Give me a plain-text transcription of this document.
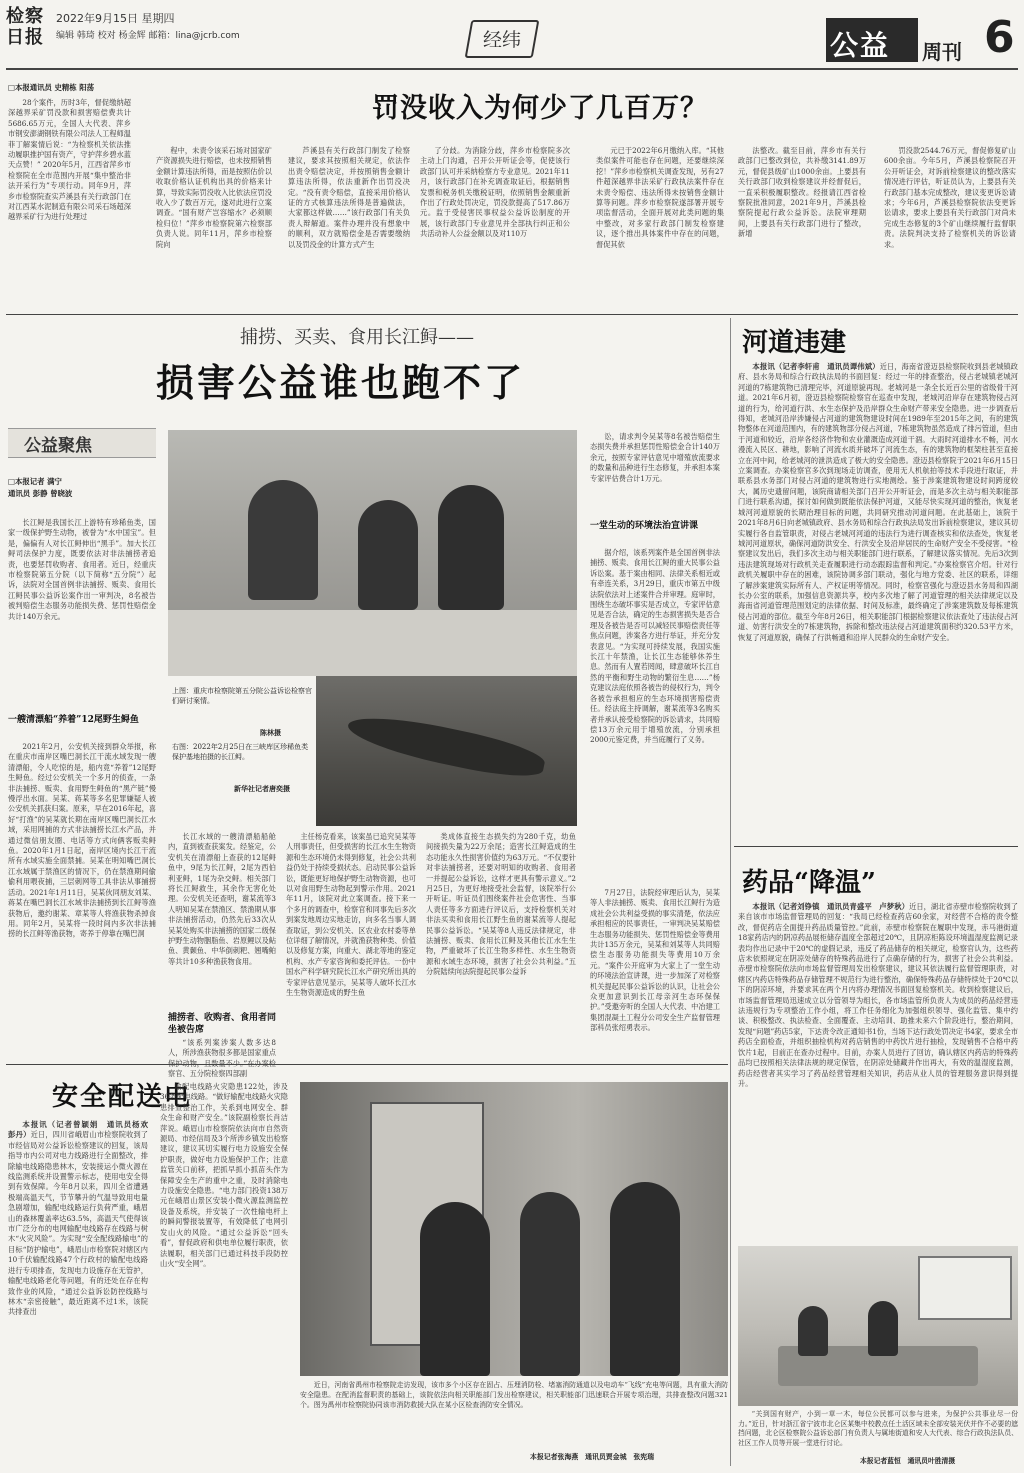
检察日报
2022年9月15日 星期四
编辑 韩琦 校对 杨金辉 邮箱：lina@jcrb.com	经纬	公益 周刊 6
罚没收入为何少了几百万？
□本报通讯员 史精栋 阳荡

28个案件，历时3年，督促缴纳超深越界采矿罚没款和损害赔偿费共计5686.65万元，全国人大代表、萍乡市钢安澎湖钢铁有限公司法人工程师温菲丁解案情后说：“为检察机关依法推动履职推护国有资产，守护萍乡碧水蓝天点赞！” 2020年5月，江西省萍乡市检察院在全市范围内开展“集中整治非法开采行为”专项行动。同年9月，萍乡市检察院查实芦溪县有关行政部门在对江西某水泥制造有限公司采石场超深越界采矿行为进行处理过

程中，未责令该采石场对国家矿产资源损失进行赔偿，也未按照销售金额计算违法所得，而是按照估价以收取价格认证机构出具的价格来计算，导致实际罚没收入比依法应罚没收入少了数百万元，遂对此进行立案调查。“国有财产岂容缩水？必须顺检归位！”萍乡市检察院第六检察部负责人说。同年11月，萍乡市检察院向

芦溪县有关行政部门制发了检察建议，要求其按照相关规定，依法作出责令赔偿决定，并按照销售金额计算违法所得，依法重新作出罚没决定。“没有责令赔偿，直接采用价格认证的方式核算违法所得是普遍做法，大家都这样做……”该行政部门有关负责人辩解道。案件办理并没有想象中的顺利，双方就赔偿金是否需要缴纳以及罚没金的计算方式产生

了分歧。为消除分歧，萍乡市检察院多次主动上门沟通，召开公开听证会等，促使该行政部门认可并采纳检察方专业意见。2021年11月，该行政部门在补充调查取证后，根据销售发票和税务机关缴税证明，依照销售金额重新作出了行政处罚决定，罚没款提高了517.86万元。监于受侵害民事权益公益诉讼制度的开展，该行政部门专业意见并全部执行纠正和公共活动补人公益金额以及对110万

元已于2022年6月缴纳入库。“其他类似案件可能也存在问题，还要继续深挖！”萍乡市检察机关调查发现，另有27件超深越界非法采矿行政执法案件存在未责令赔偿、违法所得未按销售金额计算等问题。萍乡市检察院遂部署开展专项监督活动，全面开展对此类问题的集中整改，对多家行政部门制发检察建议，逐个推出具体案件中存在的问题，督促其依

法整改。截至目前，萍乡市有关行政部门已整改到位，共补缴3141.89万元，督促县级矿山1000余亩。上要县有关行政部门收到检察建议并经督促后，一直采积极履职整改。经报请江西省检察院批准同意，2021年9月，芦溪县检察院提起行政公益诉讼。法院审理期间，上要县有关行政部门进行了整改，新增

罚没款2544.76万元，督促修复矿山600余亩。今年5月，芦溪县检察院召开公开听证会，对诉前检察建议的整改落实情况进行评估，听证员认为，上要县有关行政部门基本完成整改，建议变更诉讼请求；今年6月，芦溪县检察院依法变更诉讼请求，要求上要县有关行政部门对尚未完成生态修复的3个矿山继续履行监督职责。法院判决支持了检察机关的诉讼请求。

捕捞、买卖、食用长江鲟——
损害公益谁也跑不了
公益聚焦
□本报记者 满宁
通讯员 彭静 曾晓波

长江鲟是我国长江上游特有珍稀鱼类，国家一级保护野生动物，被誉为“水中国宝”。但是，偏偏有人对长江鲟伸出“黑手”。加大长江鲟司法保护力度，既要依法对非法捕捞者追责，也要惩罚收购者、食用者。近日，经重庆市检察院第五分院（以下简称“五分院”）起诉，法院对全国首例非法捕捞、贩卖、食用长江鲟民事公益诉讼案作出一审判决，8名被告被判赔偿生态服务功能损失费、惩罚性赔偿金共计140万余元。

一艘清漂船“养着”12尾野生鲟鱼

2021年2月，公安机关接到群众举报，称在重庆市南岸区嘴巴洞长江干流水域发现一艘清漂船，令人吃惊的是，船内竟“养着”12尾野生鲟鱼。经过公安机关一个多月的侦查，一条非法捕捞、贩卖、食用野生鲟鱼的“黑产链”慢慢浮出水面。吴某、蒋某等多名犯罪嫌疑人被公安机关抓获归案。原来，早在2016年起，喜好“打渔”的吴某就长期在南岸区嘴巴洞长江水域，采用网捕的方式非法捕捞长江水产品，并通过微信朋友圈、电话等方式向俩客贩卖鲟鱼。2020年1月1日起，南岸区境内长江干流所有水域实施全面禁捕。吴某在明知嘴巴洞长江水域属于禁渔区的情况下，仍在禁渔期间偷偷利用喂夜捕，三层刺网等工具非法从事捕捞活动。2021年1月11日，吴某伙同朋友刘某、蒋某在嘴巴洞长江水域非法捕捞到长江鲟等渔获物后，邀约谢某、章某等人将渔获物杀掉食用。同年2月，吴某将一段时间内多次非法捕捞的长江鲟等渔获物，寄养于停靠在嘴巴洞

上图：重庆市检察院第五分院公益诉讼检察官们研讨案情。
陈林摄
右图：2022年2月25日在三峡库区珍稀鱼类保护基地拍摄的长江鲟。
新华社记者唐奕摄

长江水域的一艘清漂船船舱内，直到被查获案发。经鉴定，公安机关在清漂船上查获的12尾鲟鱼中，9尾为长江鲟，2尾为西伯利亚鲟，1尾为杂交鲟。相关部门将长江鲟救生，其余作无害化处理。公安机关还查明，谢某流等3人明知吴某在禁渔区、禁渔期从事非法捕捞活动，仍然先后33次从吴某处购买非法捕捞的国家二级保护野生动物胭脂鱼、岩原鲤以及鲇鱼、黄颡鱼、中华倒刺粑、翘嘴鲌等共计10多种渔获物食用。

捕捞者、收购者、食用者同坐被告席

“该系列案涉案人数多达8人，所涉渔获物很多都是国家重点 察官、五分院检察四部副

主任杨克看来，该案虽已追究吴某等人刑事责任，但受损害的长江水生生物资源和生态环境仍未得到修复，社会公共利益仍处于持续受损状态。启动民事公益诉讼，既能更好地保护野生动物资源，也可以对食用野生动物起到警示作用。2021年11月，该院对此立案调查。接下来一个多月的调查中，检察官和同事先后多次到案发地周边实地走访，向多名当事人调查取证，到公安机关、区农业农村委等单位详细了解情况，并就渔获物种类、价值以及修复方案，向重大、湖北等地的鉴定机构、水产专家咨询和委托评估。一份中国水产科学研究院长江水产研究所出具的专家评估意见显示，吴某等人破坏长江水生生物资源造成的野生鱼

类成体直接生态损失约为280千克，幼鱼间接损失量为22万余尾；造害长江鲟造成的生态功能永久性损害价值约为63万元。“不仅要针对非法捕捞者，还要对明知的收购者、食用者一并提起公益诉讼，这样才更具有警示意义。”2月25日，为更好地接受社会监督，该院举行公开听证。听证员们围绕案件社会危害性、当事人责任等多方面进行评议后，支持检察机关对非法买卖和食用长江野生鱼的谢某流等人提起民事公益诉讼。“吴某等8人违反法律规定，非法捕捞、贩卖、食用长江鲟及其他长江水生生物，严重破坏了长江生物多样性、水生生物资源和水域生态环境，损害了社会公共利益。”五分院陆续向法院提起民事公益诉

讼，请求判令吴某等8名被告赔偿生态损失费并承担惩罚性赔偿金合计140万余元，按照专家评估意见中增殖放流要求的数量和品种进行生态修复，并承担本案专家评估费合计1万元。

一堂生动的环境法治宣讲课

据介绍，该系列案件是全国首例非法捕捞、贩卖、食用长江鲟的重大民事公益诉讼案。基于案由相同、法律关系相近或有牵连关系，3月29日，重庆市第五中级法院依法对上述案件合并审理。庭审时，围绕生态破坏事实是否成立，专家评估意见是否合法，确定的生态损害损失是否合理及各被告是否可以减轻民事赔偿责任等焦点问题，涉案各方进行举证，并充分发表意见。“为实现可持续发展，我国实施长江十年禁渔，让长江生态能够休养生息。然而有人置若罔闻，肆意破坏长江自然的平衡和野生动物的繁衍生息……”杨克建议法庭依照各被告的侵权行为，判令各被告承担相应的生态环境损害赔偿责任。经法庭主持调解，谢某流等3名购买者并承认接受检察院的诉讼请求，共同赔偿13万余元用于增殖放流，分别承担2000元鉴定费，并当庭履行了义务。

7月27日，法院经审理后认为，吴某等人非法捕捞、贩卖、食用长江鲟行为造成社会公共利益受损的事实清楚，依法应承担相应的民事责任，一审判决吴某赔偿生态服务功能损失、惩罚性赔偿金等费用共计135万余元，吴某和刘某等人共同赔偿生态服务功能损失等费用10万余元。“案件公开庭审为大家上了一堂生动的环境法治宣讲课，进一步加深了对检察机关提起民事公益诉讼的认识，让社会公众更加意识到长江母亲河生态环保保护。”受邀旁听的全国人大代表、中冶建工集团混凝土工程分公司安全生产监督管理部科员张绍勇表示。

河道违建

本报讯（记者李轩甫　通讯员谭伟斌）近日，海南省澄迈县检察院收到县老城镇政府、县水务局和综合行政执法局的书面回复：经过一年的排查整治，侵占老城镇老城河河道的7栋建筑物已清理完毕，河道原貌再现。老城河是一条全长近百公里的省级骨干河道。2021年6月初，澄迈县检察院检察官在巡查中发现，老城河沿岸存在建筑物侵占河道的行为，给河道行洪、水生态保护及沿岸群众生命财产带来安全隐患。进一步调查后得知，老城河沿岸涉嫌侵占河道的建筑物建设时间在1989年至2015年之间，有的建筑物整体在河道范围内，有的建筑物部分侵占河道，7栋建筑物虽然造成了排污管道，但由于河道和较近，沿岸各经济作物和农业灌溉造成河道干涸。大雨时河道排水不畅，河水漫流入民区、耕地，影响了河流水质并破坏了河流生态，有的建筑物的框架柱甚至直接立在河中间，给老城河的泄洪造成了极大的安全隐患。澄迈县检察院于2021年6月15日立案调查。办案检察官多次到现场走访调查，使用无人机航拍等技术手段进行取证，并联系县水务部门对侵占河道的建筑物进行实地测绘。鉴于涉案建筑物建设时间跨度较大，属历史遗留问题，该院商请相关部门召开公开听证会，而是多次主动与相关职能部门进行联系沟通，探讨如何做到既能依法保护河道，又能尽快实现河道的整治，恢复老城河河道原貌的长期治理目标的问题，共同研究推动河道问题。在此基础上，该院于2021年8月6日向老城镇政府、县水务局和综合行政执法局发出诉前检察建议，建议其切实履行各自监管职责，对侵占老城河河道的违法行为进行调查核实和依法查处，恢复老城河河道原状，确保河道防洪安全、行洪安全及沿岸居民的生命财产安全不受侵害。“检察建议发出后，我们多次主动与相关职能部门进行联系，了解建议落实情况。先后3次到违法建筑现场对行政机关走查履职进行动态跟踪监督和判定。”办案检察官介绍。针对行政机关履职中存在的困难，该院协调多部门联动，强化与地方党委、社区的联系，详细了解涉案建筑实际所有人、产权证明等情况。同时，检察官强化与澄迈县水务局和四湖长办公室的联系，加强信息资源共享，校内多次地了解了河道管理的相关法律规定以及海南省河道管理范围划定的法律依据、时间及标准，最终确定了涉案建筑数及每栋建筑侵占河道的部位。截至今年8月26日，相关职能部门根据检察建议依法查处了违法侵占河道、妨害行洪安全的7栋建筑物，拆除和整改违法侵占河道建筑面积约320.53平方米，恢复了河道原貌，确保了行洪畅通和沿岸人民群众的生命财产安全。

药品“降温”

本报讯（记者刘铮镇　通讯员青盛平　卢梦秋）近日，湖北省赤壁市检察院收到了来自该市市场监督管理局的回复：“我局已经检查药店60余家，对经营不合格的责令整改，督促药店全面提升药品质量管控。”此前，赤壁市检察院在履职中发现，赤马港街道18家药店内的阴凉药品展柜储存温度全部超过20℃，且阴凉柜陈设环境温湿度监测记录表均作出记录中于20℃的虚假记录，违反了药品储存的相关规定，检察官认为，这些药店未依照规定在阴凉处储存的特殊药品进行了点确存储的行为，损害了社会公共利益。赤壁市检察院依法向市场监督管理局发出检察建议，建议其依法履行监督管理职责，对辖区内药店特殊药品存储管理不规范行为进行整治，确保特殊药品存储特续处于20℃以下的阴凉环境，并要求其在两个月内将办理情况书面回复检察机关。收到检察建议后，市场监督管理局迅速成立以分管领导为组长，各市场监管所负责人为成员的药品经营违法违规行为专项整治工作小组，将工作任务细化为加强组织领导、强化监管、集中约谈、积极整改、执法检查、全面覆查、主动培训、助推未来六个阶段进行，整治期间，发现“问题”药店5家，下达责令改正通知书1份，当场下达行政处罚决定书4家，要求全市药店全面检查，并组织抽检机构对药店销售的中药饮片进行抽检，发现销售不合格中药饮片1起，目前正在查办过程中。目前，办案人员进行了回访，确认辖区内药店的特殊药品均已按照相关法律法规的规定保管，在阴凉处储藏并作出再大，有效的温湿度监测，药店经营者其实学习了药品经营管理相关知识，药店从业人员的管理服务意识得到提升。

“关到国有财产，小到一草一木，每位公民都可以参与进来，为保护公共事业尽一份力。”近日，针对浙江省宁波市北仑区某集中校教点任土活区域未全部安装光伏并作不必要的遮挡问题，北仑区检察院公益诉讼部门有负责人与属地街道和安人大代表、综合行政执法队员、社区工作人员等开展一堂进行讨论。

本报记者蓝恒　通讯员叶胜清摄
安全配送电

本报讯（记者曾颖娟　通讯员杨欢　彭丹）近日，四川省峨眉山市检察院收到了市经信局对公益诉讼检察建议的回复，该局指导市内公司对电力线路进行全面整改，排除输电线路隐患林木，安装接运小微火源在线监测系统并设置警示标志，使用电安全得到有效保障。今年8月以来，四川全省遭遇极端高温天气，节节攀升的气温导致用电量急剧增加，输配电线路运行负荷严重，峨眉山的森林覆盖率达63.5%，高温天气使得该市广泛分布的电网输配电线路存在线路与树木“火灾风险”。为实现“安全配线路输电”的目标“防护输电”，峨眉山市检察院对辖区内10千伏输配线路47个行政村的输配电线路进行专项排查，发现电力设施存在无管护，输配电线路老化等问题，有的还处在存在构致作业的风险，“通过公益诉讼防控线路与林木“亲密接触”，最近距离不过1米，该院共排查出

输配电线路火灾隐患122处，涉及36条配电线路。“做好输配电线路火灾隐患排查整治工作，关系到电网安全、群众生命和财产安全。”该院副检察长肖洁萍说。峨眉山市检察院依法向市自然资源局、市经信局及3个所涉乡镇发出检察建议，建议其切实履行电力设施安全保护职责，做好电力设施保护工作；注意监管关口前移，把抓早抓小抓苗头作为保障安全生产的重中之重，及时消除电力设施安全隐患。“电力部门投资138万元在峨眉山景区安装小微火源监测监控设备及系统，并安装了一次性输电杆上的瞬间警报装置等，有效降低了电网引发山火的风险。“通过公益诉讼“回头看”，督促政府和供电单位履行职责，依法履职，相关部门已通过科技手段防控山火“安全网”。

近日，河南省禹州市检察院走访发现，该市多个小区存在固占、压埋消防栓、堵塞消防通道以及电动车“飞线”充电等问题，具有重大消防安全隐患。在配消监督职责的基础上，该院依法向相关职能部门发出检察建议，相关职能部门迅速联合开展专项治理，共排查整改问题321个。图为禹州市检察院协同该市消防救援大队在某小区检查消防安全情况。

本报记者张海燕　通讯员贾金城　张宪瑞
